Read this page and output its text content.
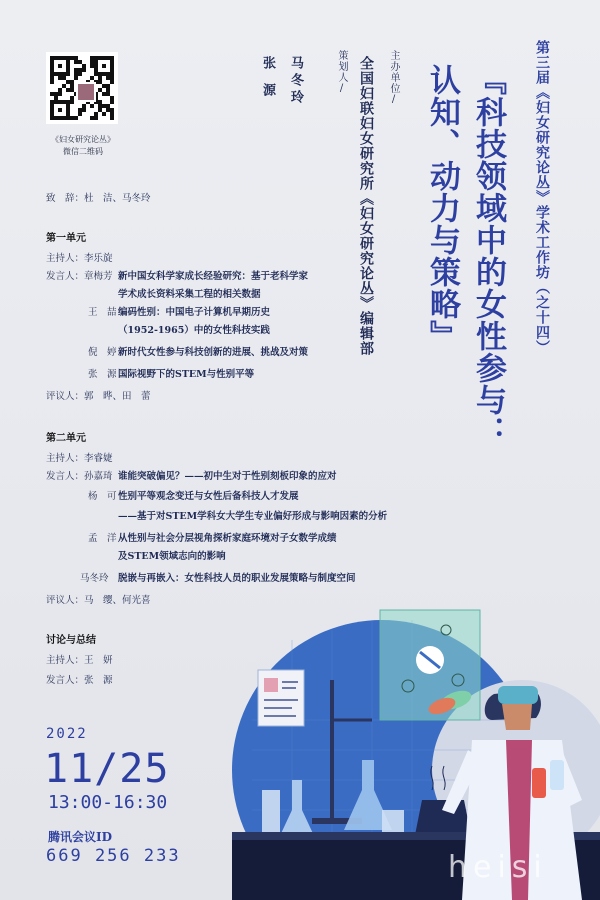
《妇女研究论丛》
微信二维码
策划人/
马冬玲
张源	主办单位/
全国妇联妇女研究所《妇女研究论丛》编辑部	第三届《妇女研究论丛》学术工作坊（之十四）
『科技领域中的女性参与：
认知、动力与策略』
致　辞：杜　洁、马冬玲
第一单元
主持人：李乐旋
发言人：章梅芳 新中国女科学家成长经验研究：基于老科学家
学术成长资料采集工程的相关数据
王　喆编码性别：中国电子计算机早期历史
（1952-1965）中的女性科技实践
倪　婷新时代女性参与科技创新的进展、挑战及对策
张　源国际视野下的STEM与性别平等
评议人：郭　晔、田　蕾
第二单元
主持人：李睿婕
发言人：孙嘉琦 谁能突破偏见？——初中生对于性别刻板印象的应对
杨　可性别平等观念变迁与女性后备科技人才发展
——基于对STEM学科女大学生专业偏好形成与影响因素的分析
孟　洋从性别与社会分层视角探析家庭环境对子女数学成绩
及STEM领域志向的影响
马冬玲 脱嵌与再嵌入：女性科技人员的职业发展策略与制度空间
评议人：马　缨、何光喜
讨论与总结
主持人：王　妍
发言人：张　源
2022
11/25
13:00-16:30
腾讯会议ID
669 256 233	heisi
